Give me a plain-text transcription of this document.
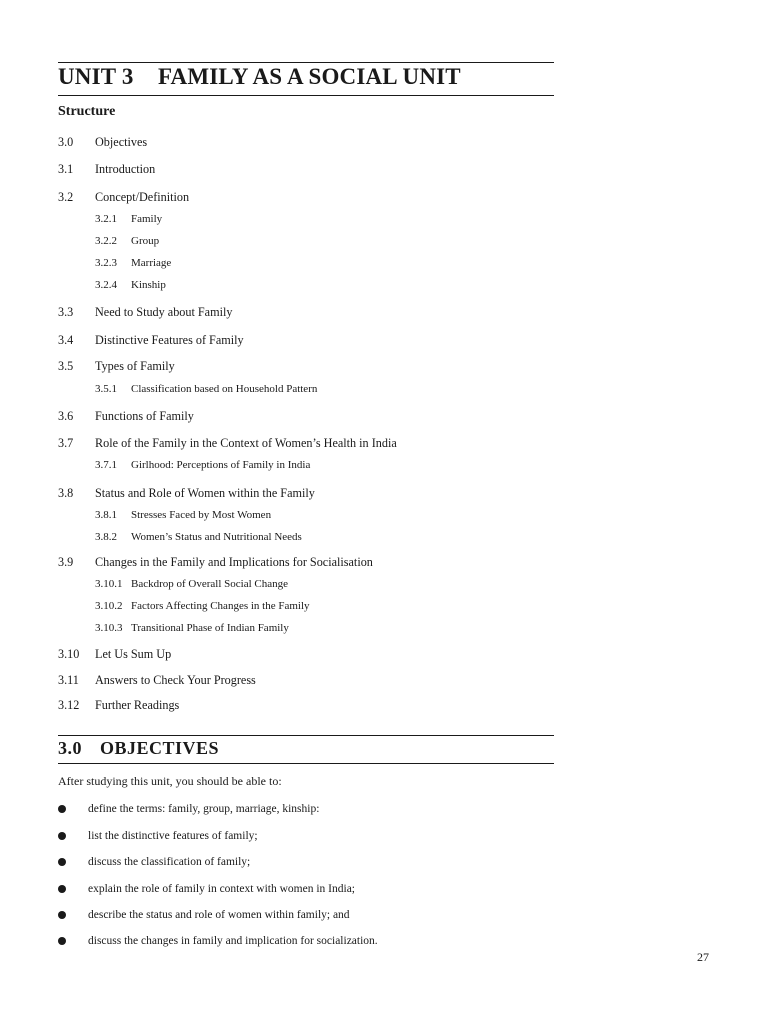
UNIT 3 FAMILY AS A SOCIAL UNIT
Structure
3.0 Objectives
3.1 Introduction
3.2 Concept/Definition
3.2.1 Family
3.2.2 Group
3.2.3 Marriage
3.2.4 Kinship
3.3 Need to Study about Family
3.4 Distinctive Features of Family
3.5 Types of Family
3.5.1 Classification based on Household Pattern
3.6 Functions of Family
3.7 Role of the Family in the Context of Women’s Health in India
3.7.1 Girlhood: Perceptions of Family in India
3.8 Status and Role of Women within the Family
3.8.1 Stresses Faced by Most Women
3.8.2 Women’s Status and Nutritional Needs
3.9 Changes in the Family and Implications for Socialisation
3.10.1 Backdrop of Overall Social Change
3.10.2 Factors Affecting Changes in the Family
3.10.3 Transitional Phase of Indian Family
3.10 Let Us Sum Up
3.11 Answers to Check Your Progress
3.12 Further Readings
3.0 OBJECTIVES
After studying this unit, you should be able to:
define the terms: family, group, marriage, kinship:
list the distinctive features of family;
discuss the classification of family;
explain the role of family in context with women in India;
describe the status and role of women within family; and
discuss the changes in family and implication for socialization.
27
